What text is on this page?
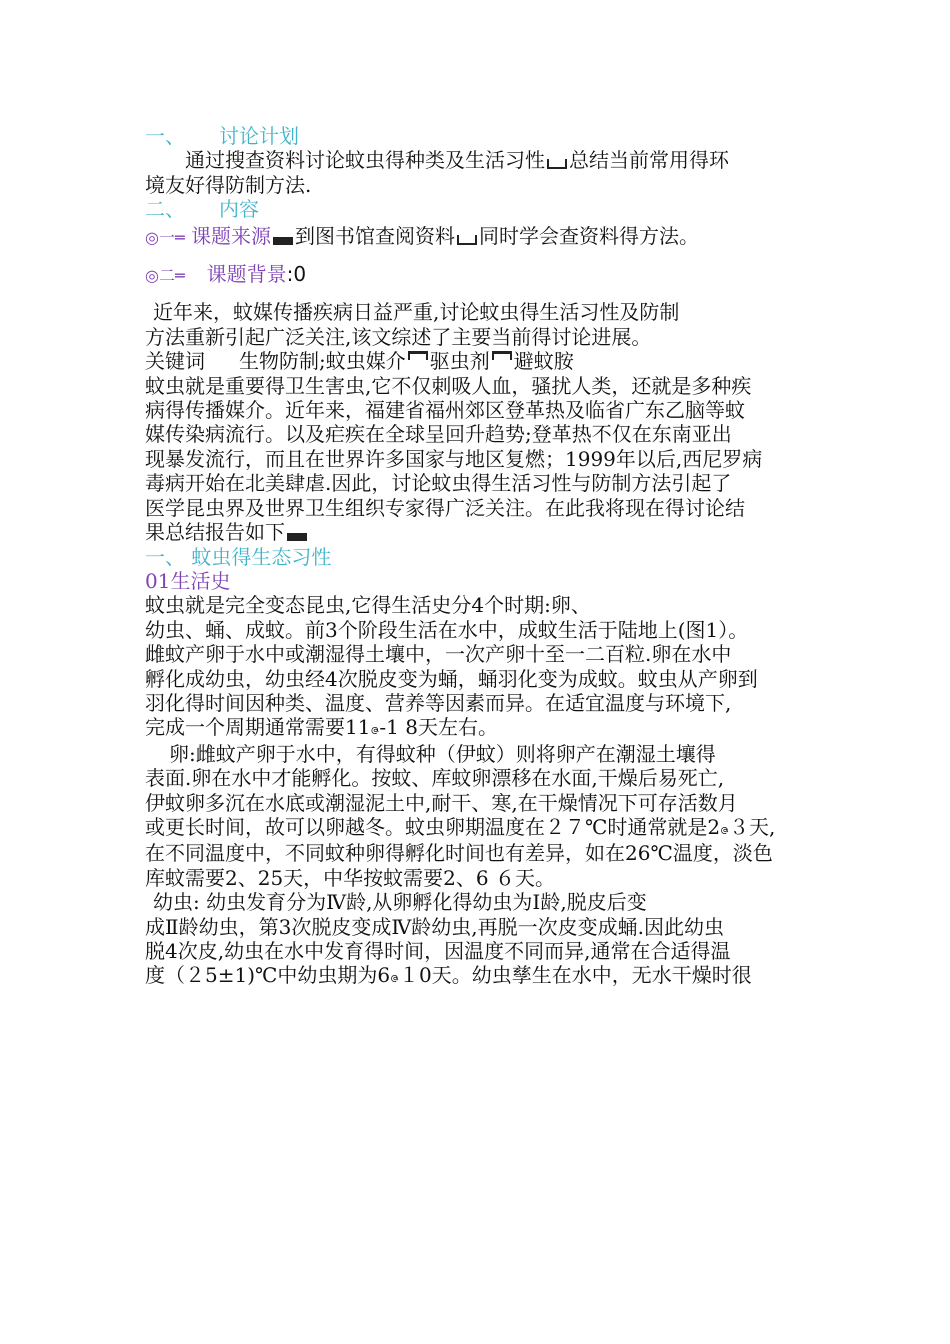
一、 讨论计划
通过搜查资料讨论蚊虫得种类及生活习性 总结当前常用得环
境友好得防制方法.
二、 内容
◎一═ 课题来源 到图书馆查阅资料 同时学会查资料得方法。
◎二═ 课题背景:0
近年来，蚊媒传播疾病日益严重,讨论蚊虫得生活习性及防制
方法重新引起广泛关注,该文综述了主要当前得讨论进展。
关键词 生物防制;蚊虫媒介 驱虫剂 避蚊胺
蚊虫就是重要得卫生害虫,它不仅刺吸人血，骚扰人类，还就是多种疾
病得传播媒介。近年来，福建省福州郊区登革热及临省广东乙脑等蚊
媒传染病流行。以及疟疾在全球呈回升趋势;登革热不仅在东南亚出
现暴发流行，而且在世界许多国家与地区复燃；1999年以后,西尼罗病
毒病开始在北美肆虐.因此，讨论蚊虫得生活习性与防制方法引起了
医学昆虫界及世界卫生组织专家得广泛关注。在此我将现在得讨论结
果总结报告如下
一、 蚊虫得生态习性
01生活史
蚊虫就是完全变态昆虫,它得生活史分4个时期:卵、
幼虫、蛹、成蚊。前3个阶段生活在水中，成蚊生活于陆地上(图1）。
雌蚊产卵于水中或潮湿得土壤中，一次产卵十至一二百粒.卵在水中
孵化成幼虫，幼虫经4次脱皮变为蛹，蛹羽化变为成蚊。蚊虫从产卵到
羽化得时间因种类、温度、营养等因素而异。在适宜温度与环境下,
完成一个周期通常需要11ဇ-1 8天左右。
卵:雌蚊产卵于水中，有得蚊种（伊蚊）则将卵产在潮湿土壤得
表面.卵在水中才能孵化。按蚊、库蚊卵漂移在水面,干燥后易死亡,
伊蚊卵多沉在水底或潮湿泥土中,耐干、寒,在干燥情况下可存活数月
或更长时间，故可以卵越冬。蚊虫卵期温度在２７℃时通常就是2ဇ３天,
在不同温度中，不同蚊种卵得孵化时间也有差异，如在26℃温度，淡色
库蚊需要2、25天，中华按蚊需要2、6 ６天。
幼虫: 幼虫发育分为Ⅳ龄,从卵孵化得幼虫为Ⅰ龄,脱皮后变
成Ⅱ龄幼虫，第3次脱皮变成Ⅳ龄幼虫,再脱一次皮变成蛹.因此幼虫
脱4次皮,幼虫在水中发育得时间，因温度不同而异,通常在合适得温
度（２5±1)℃中幼虫期为6ဇ１0天。幼虫孳生在水中，无水干燥时很
